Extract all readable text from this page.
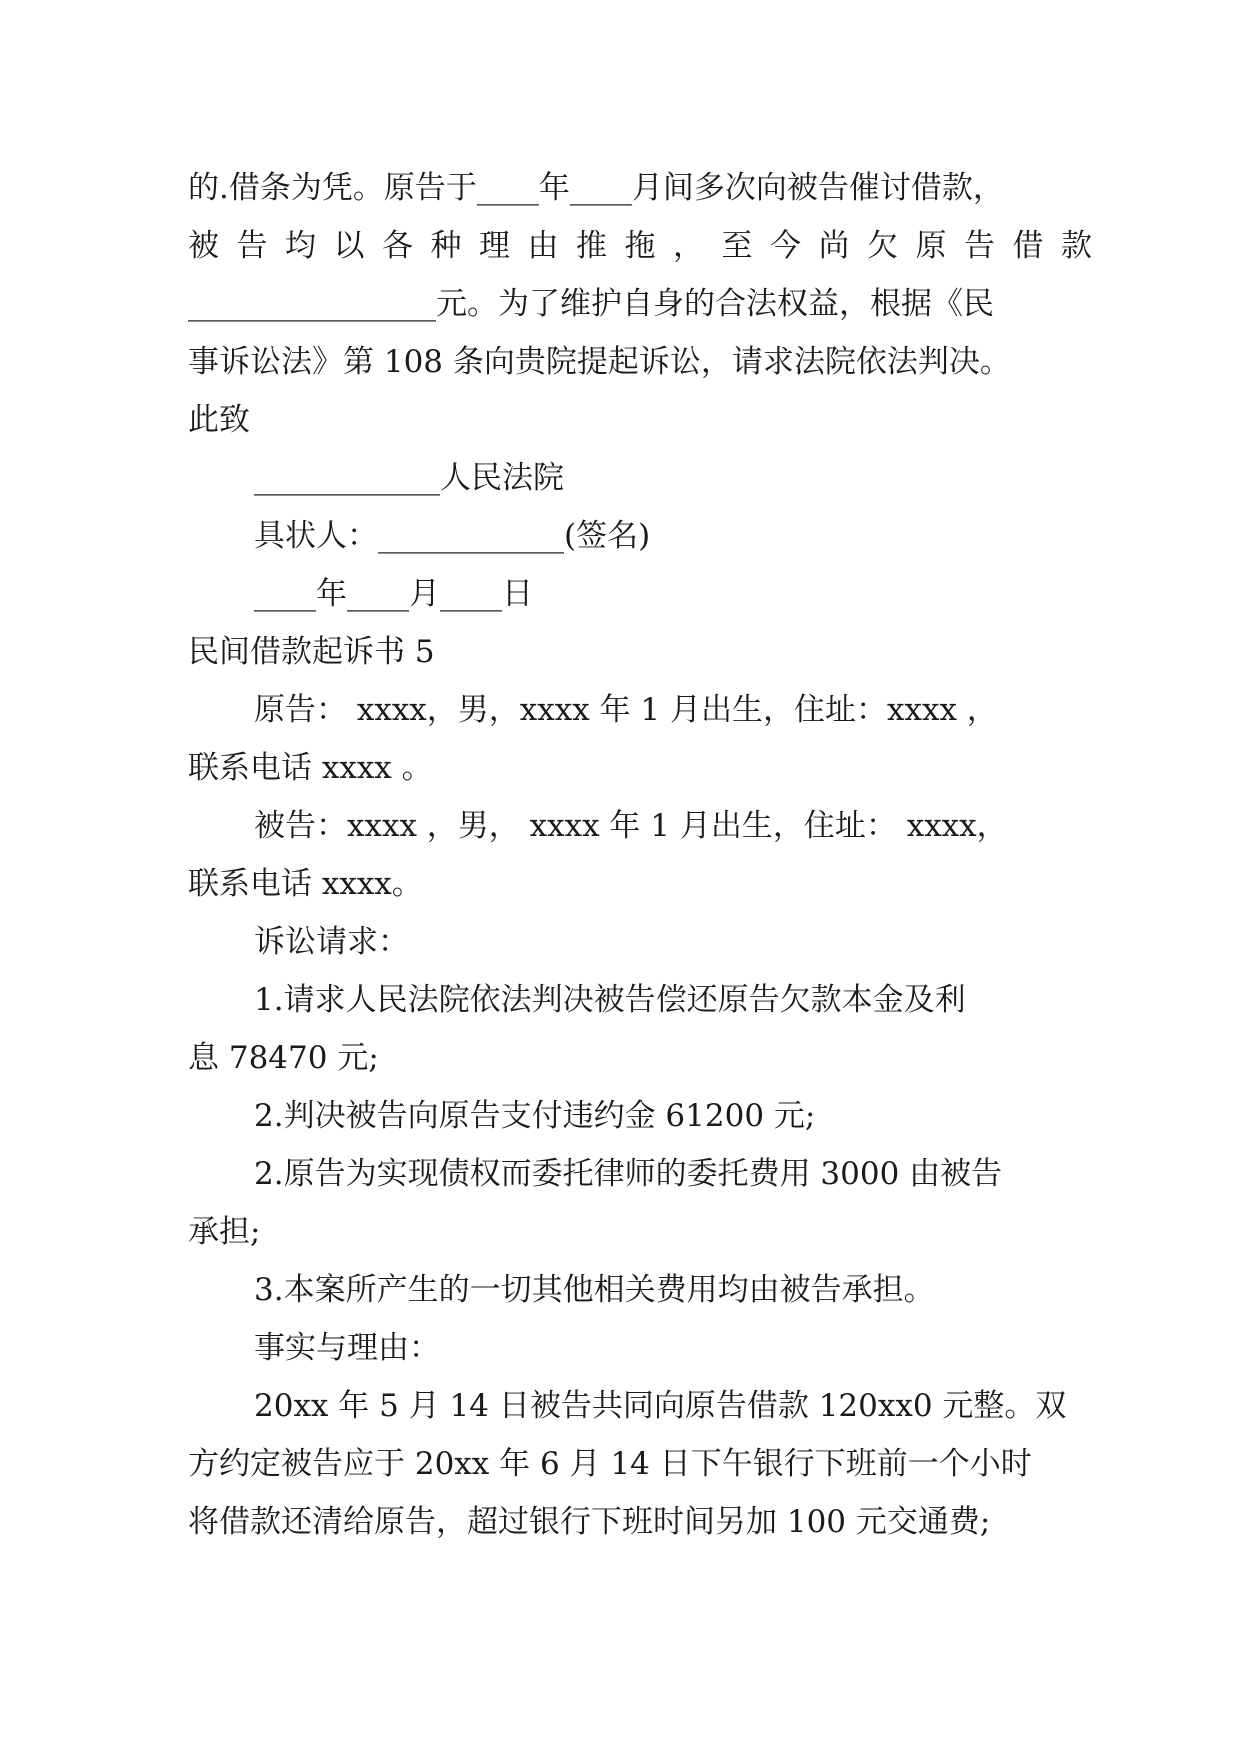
的.借条为凭。原告于____年____月间多次向被告催讨借款，
被告均以各种理由推拖，至今尚欠原告借款
________________元。为了维护自身的合法权益，根据《民
事诉讼法》第 108 条向贵院提起诉讼，请求法院依法判决。
此致
____________人民法院
具状人：____________(签名)
____年____月____日
民间借款起诉书 5
原告： xxxx，男，xxxx 年 1 月出生，住址：xxxx ，
联系电话 xxxx 。
被告：xxxx ，男， xxxx 年 1 月出生，住址： xxxx，
联系电话 xxxx。
诉讼请求：
1.请求人民法院依法判决被告偿还原告欠款本金及利
息 78470 元;
2.判决被告向原告支付违约金 61200 元;
2.原告为实现债权而委托律师的委托费用 3000 由被告
承担;
3.本案所产生的一切其他相关费用均由被告承担。
事实与理由：
20xx 年 5 月 14 日被告共同向原告借款 120xx0 元整。双
方约定被告应于 20xx 年 6 月 14 日下午银行下班前一个小时
将借款还清给原告，超过银行下班时间另加 100 元交通费;
